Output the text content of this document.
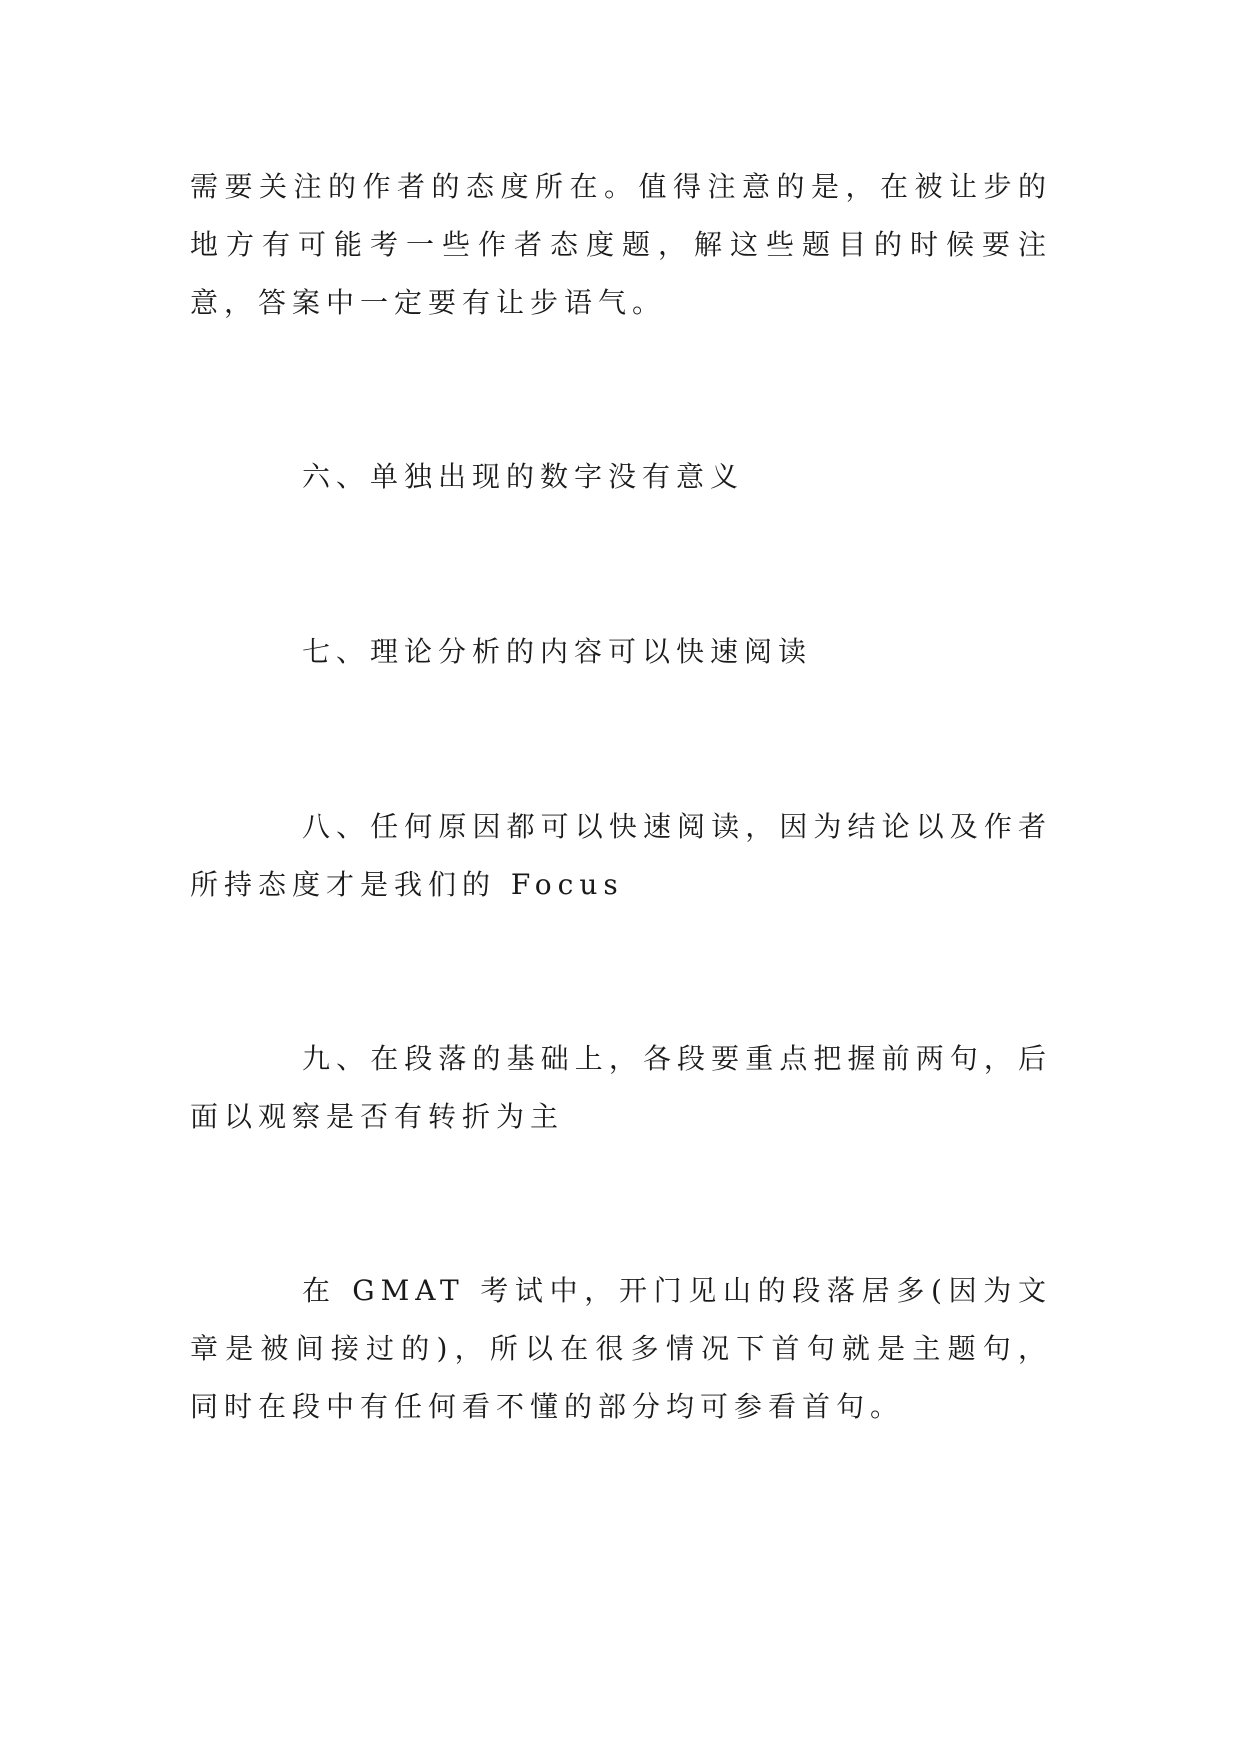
需要关注的作者的态度所在。值得注意的是，在被让步的地方有可能考一些作者态度题，解这些题目的时候要注意，答案中一定要有让步语气。

六、单独出现的数字没有意义

七、理论分析的内容可以快速阅读

八、任何原因都可以快速阅读，因为结论以及作者所持态度才是我们的 Focus

九、在段落的基础上，各段要重点把握前两句，后面以观察是否有转折为主

在 GMAT 考试中，开门见山的段落居多(因为文章是被间接过的)，所以在很多情况下首句就是主题句，同时在段中有任何看不懂的部分均可参看首句。
